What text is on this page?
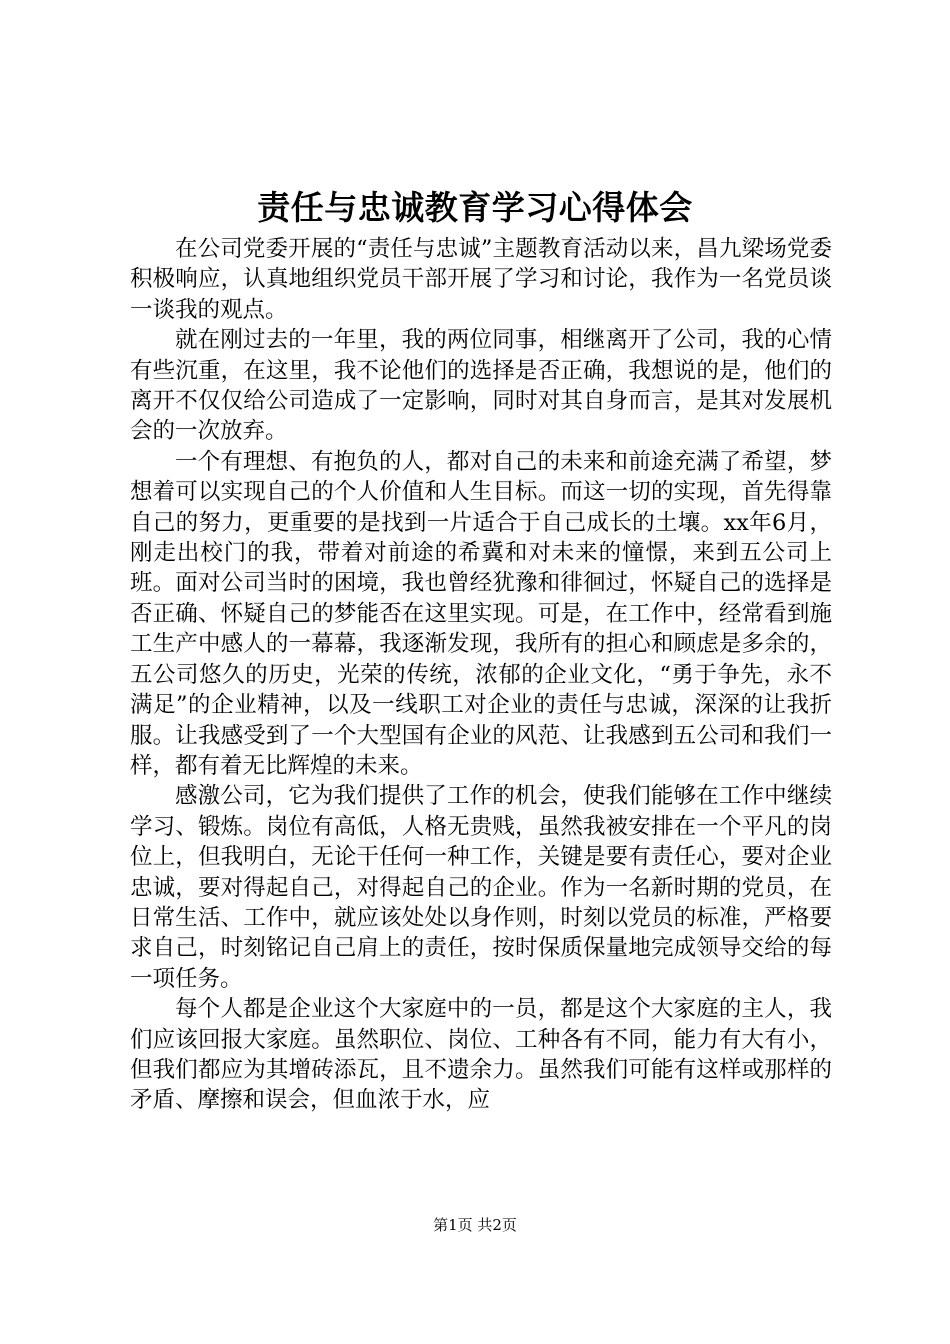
责任与忠诚教育学习心得体会

在公司党委开展的“责任与忠诚”主题教育活动以来，昌九梁场党委积极响应，认真地组织党员干部开展了学习和讨论，我作为一名党员谈一谈我的观点。

就在刚过去的一年里，我的两位同事，相继离开了公司，我的心情有些沉重，在这里，我不论他们的选择是否正确，我想说的是，他们的离开不仅仅给公司造成了一定影响，同时对其自身而言，是其对发展机会的一次放弃。

一个有理想、有抱负的人，都对自己的未来和前途充满了希望，梦想着可以实现自己的个人价值和人生目标。而这一切的实现，首先得靠自己的努力，更重要的是找到一片适合于自己成长的土壤。xx年6月，刚走出校门的我，带着对前途的希冀和对未来的憧憬，来到五公司上班。面对公司当时的困境，我也曾经犹豫和徘徊过，怀疑自己的选择是否正确、怀疑自己的梦能否在这里实现。可是，在工作中，经常看到施工生产中感人的一幕幕，我逐渐发现，我所有的担心和顾虑是多余的，五公司悠久的历史，光荣的传统，浓郁的企业文化，“勇于争先，永不满足”的企业精神，以及一线职工对企业的责任与忠诚，深深的让我折服。让我感受到了一个大型国有企业的风范、让我感到五公司和我们一样，都有着无比辉煌的未来。

感激公司，它为我们提供了工作的机会，使我们能够在工作中继续学习、锻炼。岗位有高低，人格无贵贱，虽然我被安排在一个平凡的岗位上，但我明白，无论干任何一种工作，关键是要有责任心，要对企业忠诚，要对得起自己，对得起自己的企业。作为一名新时期的党员，在日常生活、工作中，就应该处处以身作则，时刻以党员的标准，严格要求自己，时刻铭记自己肩上的责任，按时保质保量地完成领导交给的每一项任务。

每个人都是企业这个大家庭中的一员，都是这个大家庭的主人，我们应该回报大家庭。虽然职位、岗位、工种各有不同，能力有大有小，但我们都应为其增砖添瓦，且不遗余力。虽然我们可能有这样或那样的矛盾、摩擦和误会，但血浓于水，应

第1页 共2页
